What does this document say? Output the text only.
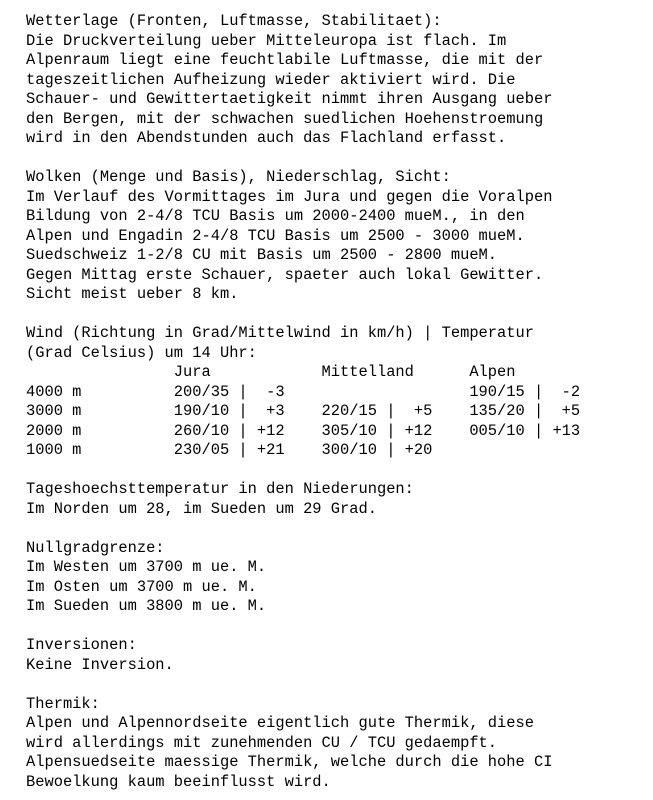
Wetterlage (Fronten, Luftmasse, Stabilitaet):
Die Druckverteilung ueber Mitteleuropa ist flach. Im
Alpenraum liegt eine feuchtlabile Luftmasse, die mit der
tageszeitlichen Aufheizung wieder aktiviert wird. Die
Schauer- und Gewittertaetigkeit nimmt ihren Ausgang ueber
den Bergen, mit der schwachen suedlichen Hoehenstroemung
wird in den Abendstunden auch das Flachland erfasst.
Wolken (Menge und Basis), Niederschlag, Sicht:
Im Verlauf des Vormittages im Jura und gegen die Voralpen
Bildung von 2-4/8 TCU Basis um 2000-2400 mueM., in den
Alpen und Engadin 2-4/8 TCU Basis um 2500 - 3000 mueM.
Suedschweiz 1-2/8 CU mit Basis um 2500 - 2800 mueM.
Gegen Mittag erste Schauer, spaeter auch lokal Gewitter.
Sicht meist ueber 8 km.
Wind (Richtung in Grad/Mittelwind in km/h) | Temperatur
(Grad Celsius) um 14 Uhr:
Jura            Mittelland      Alpen
4000 m          200/35 |  -3                    190/15 |  -2
3000 m          190/10 |  +3    220/15 |  +5    135/20 |  +5
2000 m          260/10 | +12    305/10 | +12    005/10 | +13
1000 m          230/05 | +21    300/10 | +20
Tageshoechsttemperatur in den Niederungen:
Im Norden um 28, im Sueden um 29 Grad.
Nullgradgrenze:
Im Westen um 3700 m ue. M.
Im Osten um 3700 m ue. M.
Im Sueden um 3800 m ue. M.
Inversionen:
Keine Inversion.
Thermik:
Alpen und Alpennordseite eigentlich gute Thermik, diese
wird allerdings mit zunehmenden CU / TCU gedaempft.
Alpensuedseite maessige Thermik, welche durch die hohe CI
Bewoelkung kaum beeinflusst wird.
